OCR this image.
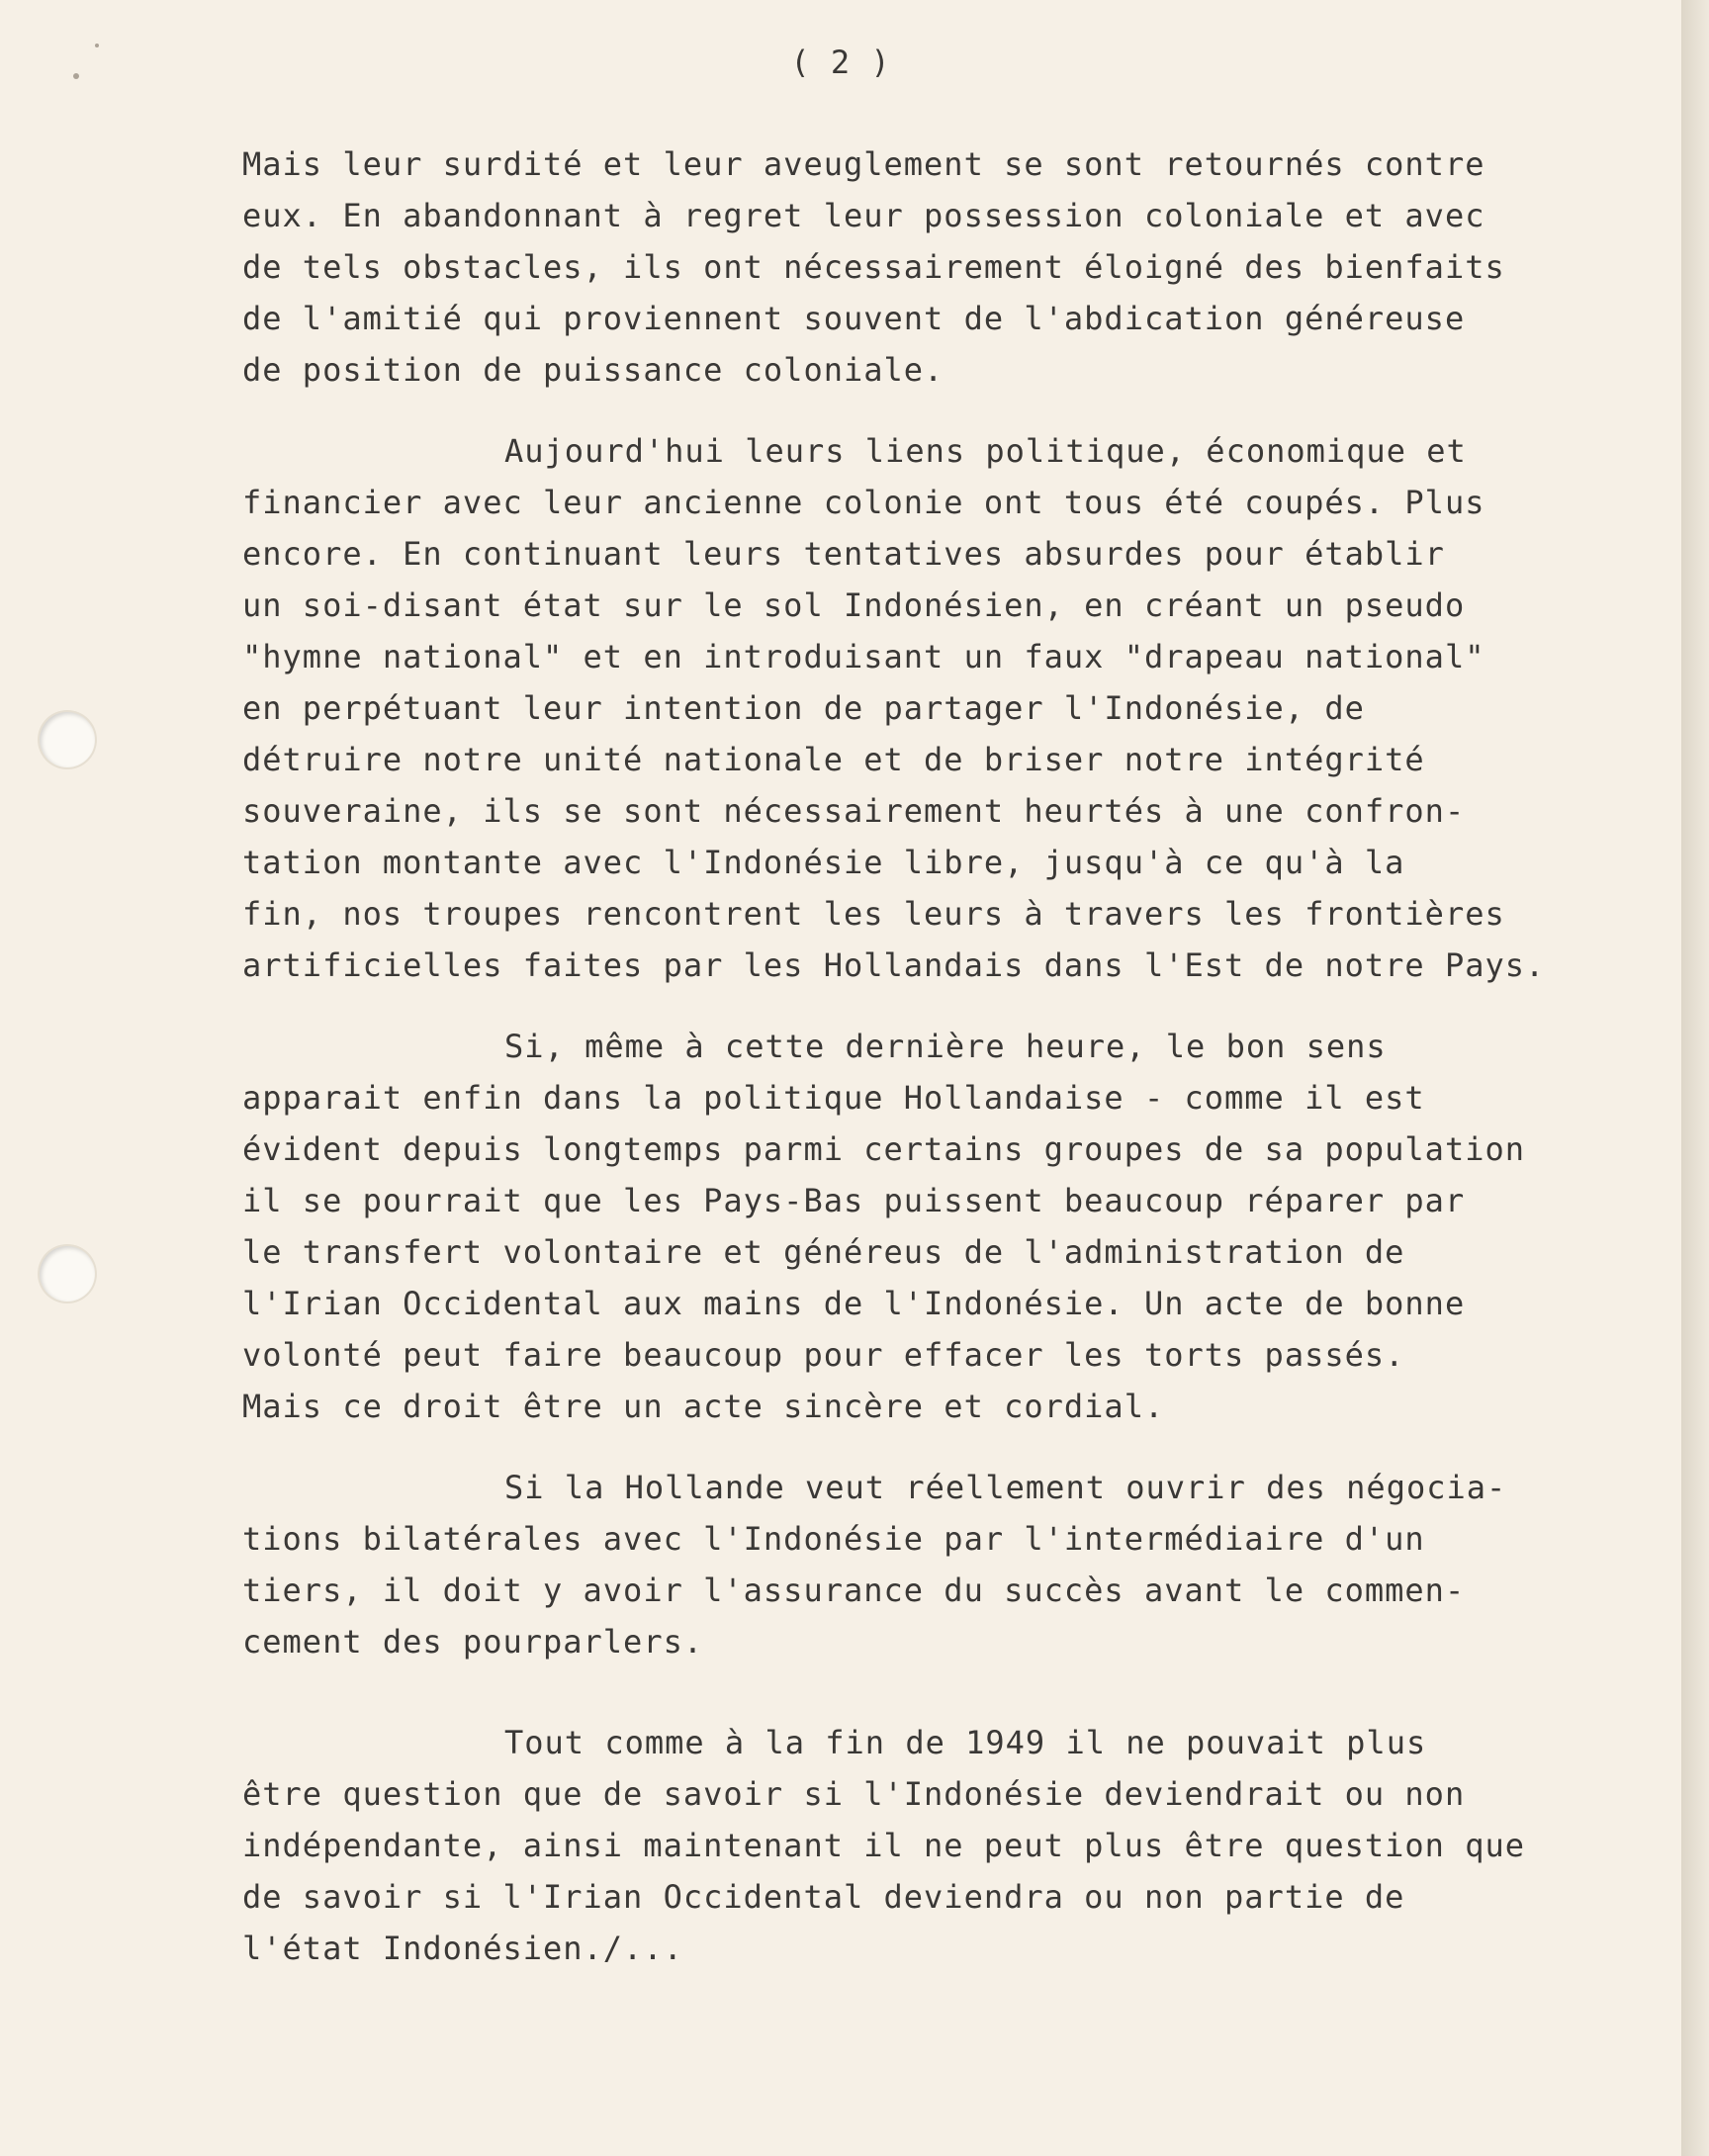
( 2 )
Mais leur surdité et leur aveuglement se sont retournés contre
eux. En abandonnant à regret leur possession coloniale et avec
de tels obstacles, ils ont nécessairement éloigné des bienfaits
de l'amitié qui proviennent souvent de l'abdication généreuse
de position de puissance coloniale.
Aujourd'hui leurs liens politique, économique et
financier avec leur ancienne colonie ont tous été coupés. Plus
encore. En continuant leurs tentatives absurdes pour établir
un soi-disant état sur le sol Indonésien, en créant un pseudo
"hymne national" et en introduisant un faux "drapeau national"
en perpétuant leur intention de partager l'Indonésie, de
détruire notre unité nationale et de briser notre intégrité
souveraine, ils se sont nécessairement heurtés à une confron-
tation montante avec l'Indonésie libre, jusqu'à ce qu'à la
fin, nos troupes rencontrent les leurs à travers les frontières
artificielles faites par les Hollandais dans l'Est de notre Pays.
Si, même à cette dernière heure, le bon sens
apparait enfin dans la politique Hollandaise - comme il est
évident depuis longtemps parmi certains groupes de sa population
il se pourrait que les Pays-Bas puissent beaucoup réparer par
le transfert volontaire et généreus de l'administration de
l'Irian Occidental aux mains de l'Indonésie. Un acte de bonne
volonté peut faire beaucoup pour effacer les torts passés.
Mais ce droit être un acte sincère et cordial.
Si la Hollande veut réellement ouvrir des négocia-
tions bilatérales avec l'Indonésie par l'intermédiaire d'un
tiers, il doit y avoir l'assurance du succès avant le commen-
cement des pourparlers.
Tout comme à la fin de 1949 il ne pouvait plus
être question que de savoir si l'Indonésie deviendrait ou non
indépendante, ainsi maintenant il ne peut plus être question que
de savoir si l'Irian Occidental deviendra ou non partie de
l'état Indonésien./...
